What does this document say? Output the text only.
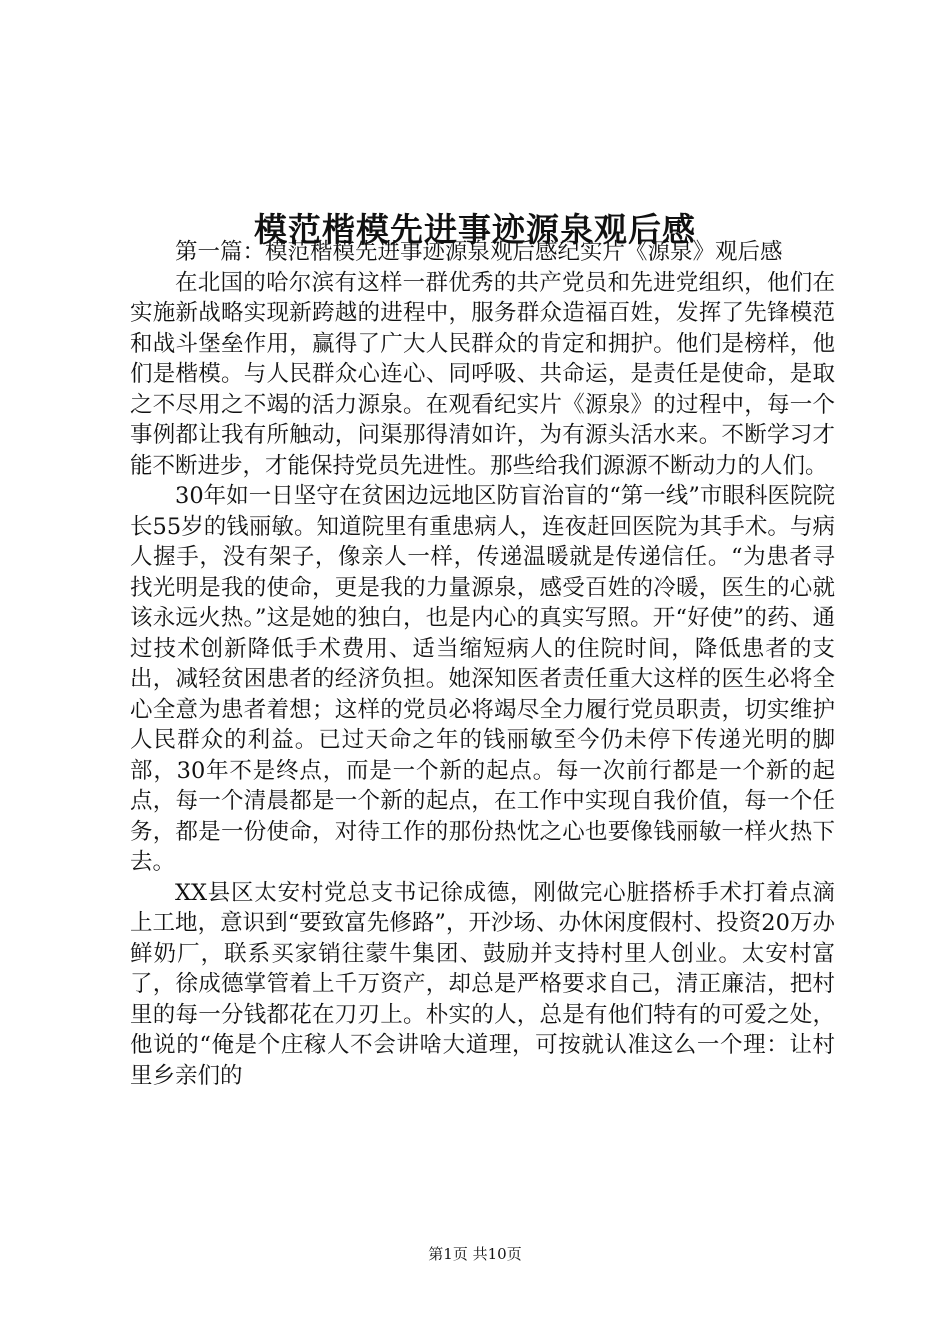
模范楷模先进事迹源泉观后感

第一篇：模范楷模先进事迹源泉观后感纪实片《源泉》观后感

在北国的哈尔滨有这样一群优秀的共产党员和先进党组织，他们在实施新战略实现新跨越的进程中，服务群众造福百姓，发挥了先锋模范和战斗堡垒作用，赢得了广大人民群众的肯定和拥护。他们是榜样，他们是楷模。与人民群众心连心、同呼吸、共命运，是责任是使命，是取之不尽用之不竭的活力源泉。在观看纪实片《源泉》的过程中，每一个事例都让我有所触动，问渠那得清如许，为有源头活水来。不断学习才能不断进步，才能保持党员先进性。那些给我们源源不断动力的人们。

30年如一日坚守在贫困边远地区防盲治盲的“第一线”市眼科医院院长55岁的钱丽敏。知道院里有重患病人，连夜赶回医院为其手术。与病人握手，没有架子，像亲人一样，传递温暖就是传递信任。“为患者寻找光明是我的使命，更是我的力量源泉，感受百姓的冷暖，医生的心就该永远火热。”这是她的独白，也是内心的真实写照。开“好使”的药、通过技术创新降低手术费用、适当缩短病人的住院时间，降低患者的支出，减轻贫困患者的经济负担。她深知医者责任重大这样的医生必将全心全意为患者着想；这样的党员必将竭尽全力履行党员职责，切实维护人民群众的利益。已过天命之年的钱丽敏至今仍未停下传递光明的脚部，30年不是终点，而是一个新的起点。每一次前行都是一个新的起点，每一个清晨都是一个新的起点，在工作中实现自我价值，每一个任务，都是一份使命，对待工作的那份热忱之心也要像钱丽敏一样火热下去。

XX县区太安村党总支书记徐成德，刚做完心脏搭桥手术打着点滴上工地，意识到“要致富先修路”，开沙场、办休闲度假村、投资20万办鲜奶厂，联系买家销往蒙牛集团、鼓励并支持村里人创业。太安村富了，徐成德掌管着上千万资产，却总是严格要求自己，清正廉洁，把村里的每一分钱都花在刀刃上。朴实的人，总是有他们特有的可爱之处，他说的“俺是个庄稼人不会讲啥大道理，可按就认准这么一个理：让村里乡亲们的

第1页 共10页
